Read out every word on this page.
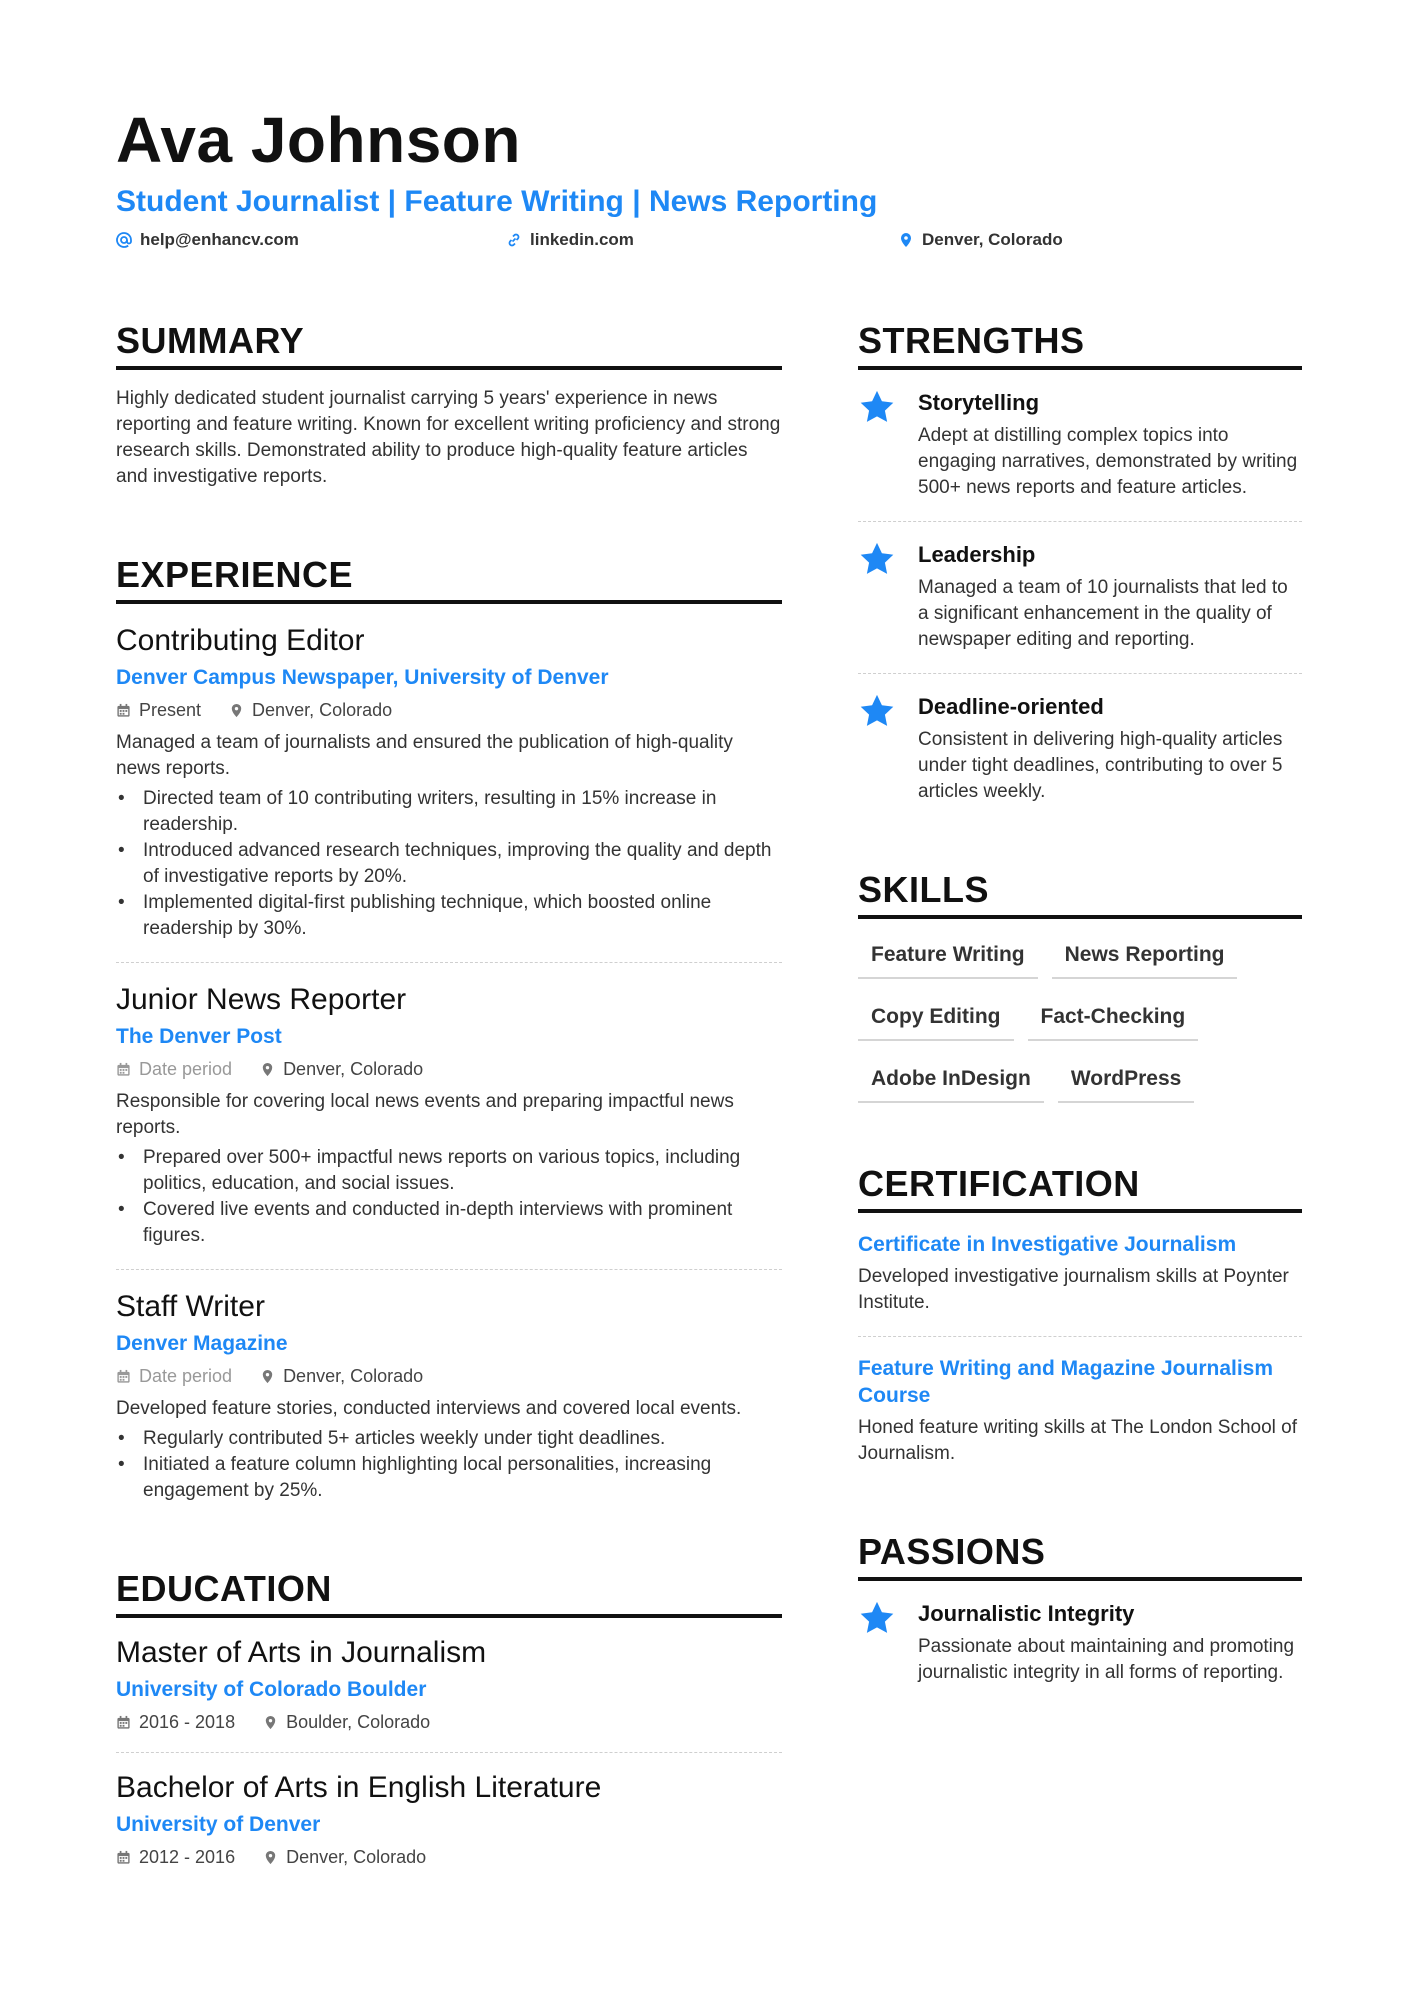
Ava Johnson
Student Journalist | Feature Writing | News Reporting
help@enhancv.com	linkedin.com	Denver, Colorado
SUMMARY
Highly dedicated student journalist carrying 5 years' experience in news reporting and feature writing. Known for excellent writing proficiency and strong research skills. Demonstrated ability to produce high-quality feature articles and investigative reports.
EXPERIENCE
Contributing Editor
Denver Campus Newspaper, University of Denver
Present	Denver, Colorado
Managed a team of journalists and ensured the publication of high-quality news reports.
• Directed team of 10 contributing writers, resulting in 15% increase in readership.
• Introduced advanced research techniques, improving the quality and depth of investigative reports by 20%.
• Implemented digital-first publishing technique, which boosted online readership by 30%.
Junior News Reporter
The Denver Post
Date period	Denver, Colorado
Responsible for covering local news events and preparing impactful news reports.
• Prepared over 500+ impactful news reports on various topics, including politics, education, and social issues.
• Covered live events and conducted in-depth interviews with prominent figures.
Staff Writer
Denver Magazine
Date period	Denver, Colorado
Developed feature stories, conducted interviews and covered local events.
• Regularly contributed 5+ articles weekly under tight deadlines.
• Initiated a feature column highlighting local personalities, increasing engagement by 25%.
EDUCATION
Master of Arts in Journalism
University of Colorado Boulder
2016 - 2018	Boulder, Colorado
Bachelor of Arts in English Literature
University of Denver
2012 - 2016	Denver, Colorado
STRENGTHS
Storytelling
Adept at distilling complex topics into engaging narratives, demonstrated by writing 500+ news reports and feature articles.
Leadership
Managed a team of 10 journalists that led to a significant enhancement in the quality of newspaper editing and reporting.
Deadline-oriented
Consistent in delivering high-quality articles under tight deadlines, contributing to over 5 articles weekly.
SKILLS
Feature Writing	News Reporting
Copy Editing	Fact-Checking
Adobe InDesign	WordPress
CERTIFICATION
Certificate in Investigative Journalism
Developed investigative journalism skills at Poynter Institute.
Feature Writing and Magazine Journalism Course
Honed feature writing skills at The London School of Journalism.
PASSIONS
Journalistic Integrity
Passionate about maintaining and promoting journalistic integrity in all forms of reporting.
